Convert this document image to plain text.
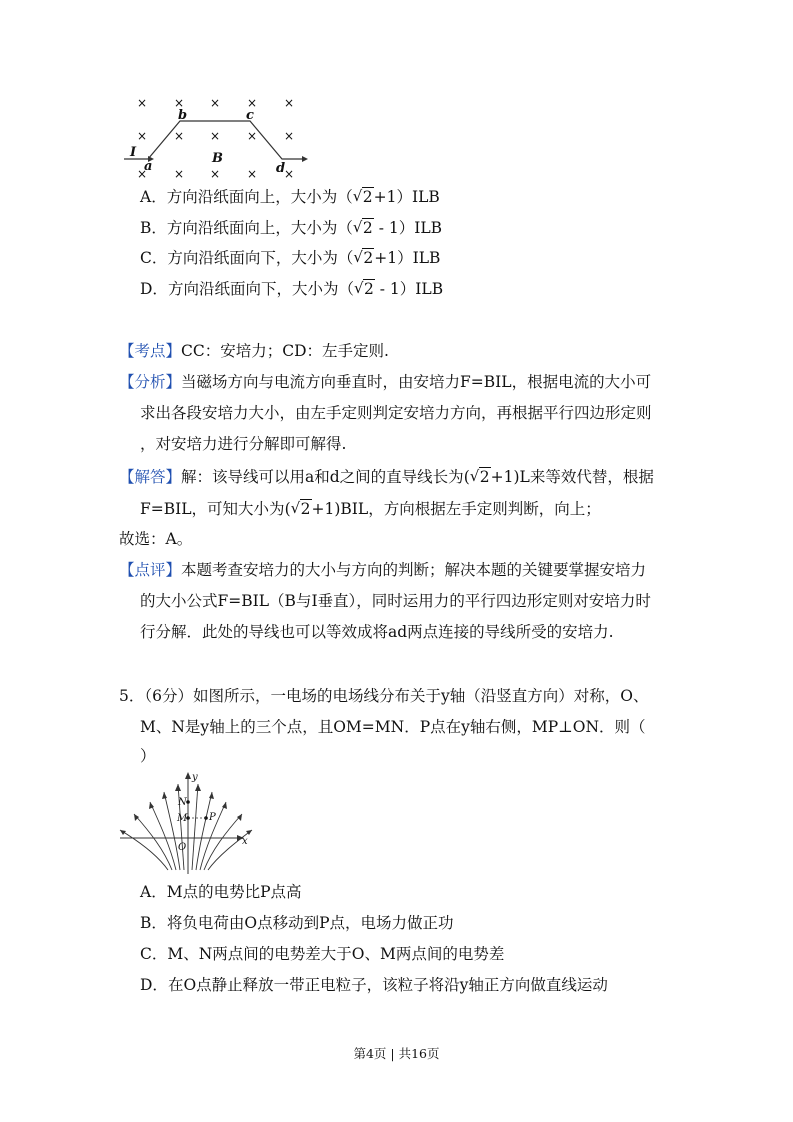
× × × × ×
× × × × ×
× × × × ×
I
a
b	c
B
d
A．方向沿纸面向上，大小为（ √ 2+1）ILB
B．方向沿纸面向上，大小为（ √ 2 - 1）ILB
C．方向沿纸面向下，大小为（ √ 2+1）ILB
D．方向沿纸面向下，大小为（ √ 2 - 1）ILB
【考点】CC：安培力；CD：左手定则.
【分析】当磁场方向与电流方向垂直时，由安培力F=BIL，根据电流的大小可
求出各段安培力大小，由左手定则判定安培力方向，再根据平行四边形定则
，对安培力进行分解即可解得.
【解答】解：该导线可以用a和d之间的直导线长为( √ 2+1)L来等效代替，根据
F=BIL，可知大小为( √ 2+1)BIL，方向根据左手定则判断，向上；
故选：A。
【点评】本题考查安培力的大小与方向的判断；解决本题的关键要掌握安培力
的大小公式F=BIL（B与I垂直），同时运用力的平行四边形定则对安培力时
行分解．此处的导线也可以等效成将ad两点连接的导线所受的安培力.
5．（6分）如图所示，一电场的电场线分布关于y轴（沿竖直方向）对称，O、
M、N是y轴上的三个点，且OM=MN．P点在y轴右侧，MP⊥ON．则（
）
y
x
N
M P
O
A．M点的电势比P点高
B．将负电荷由O点移动到P点，电场力做正功
C．M、N两点间的电势差大于O、M两点间的电势差
D．在O点静止释放一带正电粒子，该粒子将沿y轴正方向做直线运动
第4页 | 共16页
